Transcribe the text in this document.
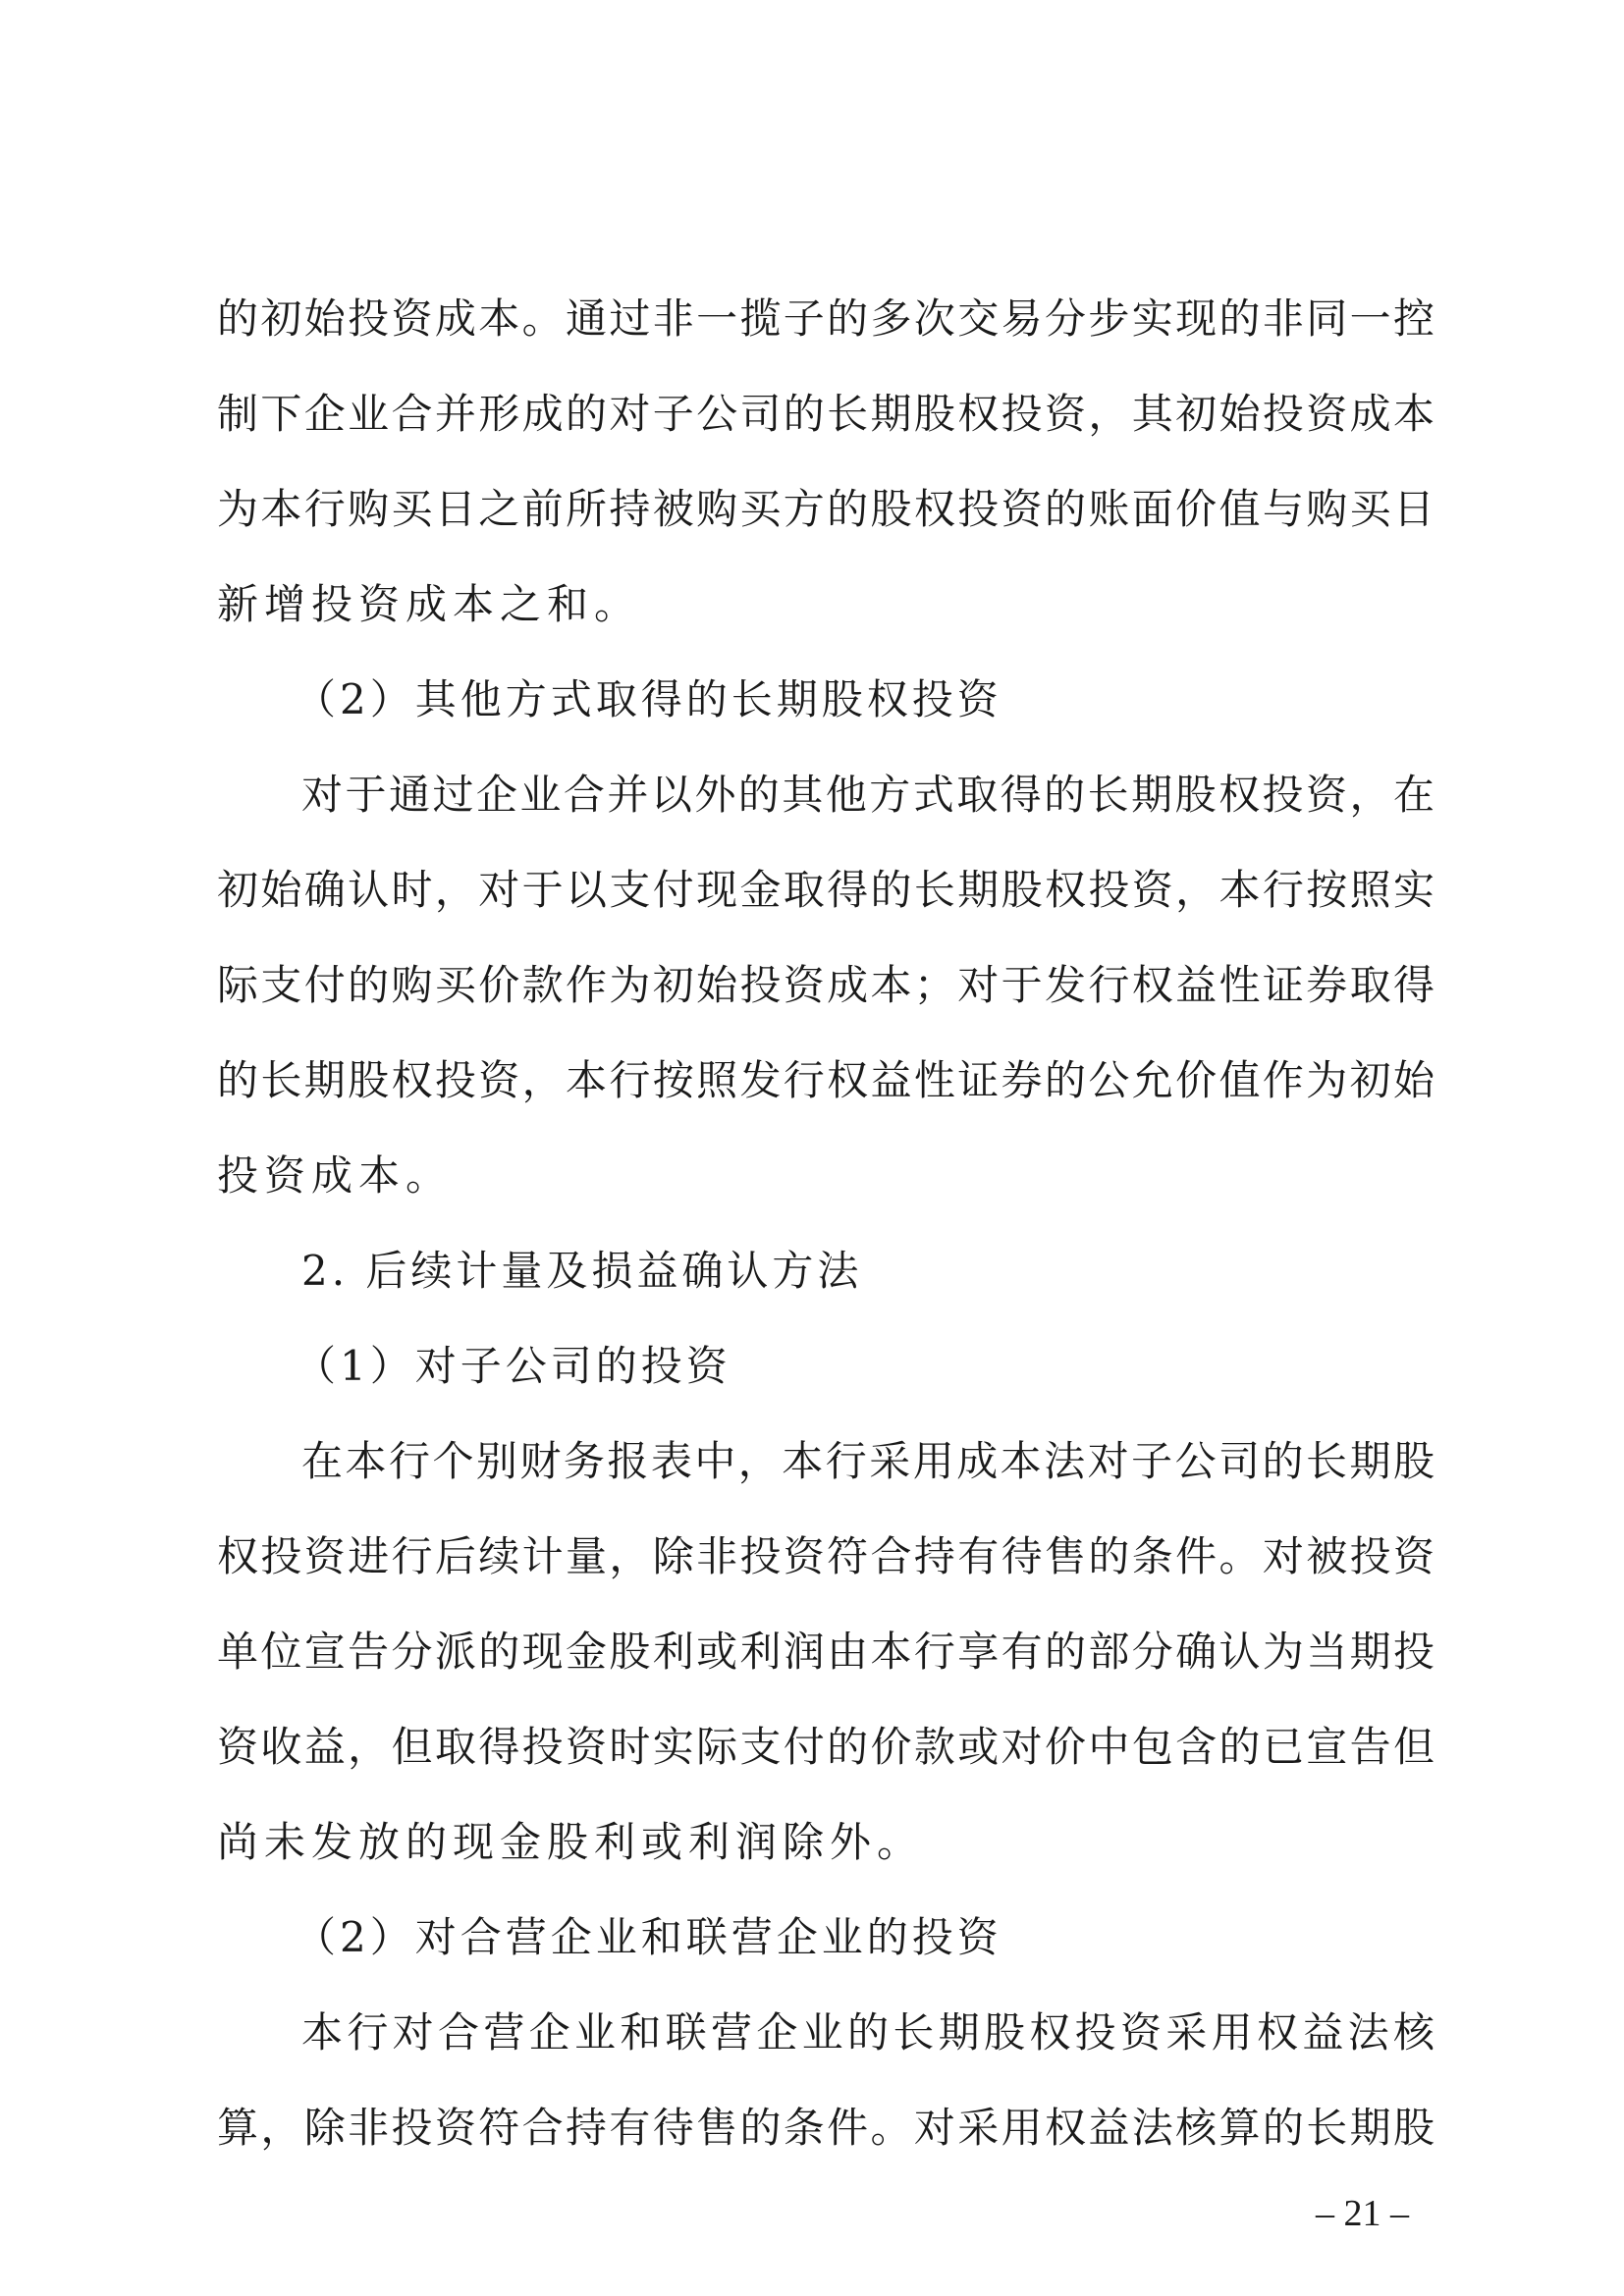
的初始投资成本。通过非一揽子的多次交易分步实现的非同一控
制下企业合并形成的对子公司的长期股权投资，其初始投资成本
为本行购买日之前所持被购买方的股权投资的账面价值与购买日
新增投资成本之和。
（2）其他方式取得的长期股权投资
对于通过企业合并以外的其他方式取得的长期股权投资，在
初始确认时，对于以支付现金取得的长期股权投资，本行按照实
际支付的购买价款作为初始投资成本；对于发行权益性证券取得
的长期股权投资，本行按照发行权益性证券的公允价值作为初始
投资成本。
2. 后续计量及损益确认方法
（1）对子公司的投资
在本行个别财务报表中，本行采用成本法对子公司的长期股
权投资进行后续计量，除非投资符合持有待售的条件。对被投资
单位宣告分派的现金股利或利润由本行享有的部分确认为当期投
资收益，但取得投资时实际支付的价款或对价中包含的已宣告但
尚未发放的现金股利或利润除外。
（2）对合营企业和联营企业的投资
本行对合营企业和联营企业的长期股权投资采用权益法核
算，除非投资符合持有待售的条件。对采用权益法核算的长期股
– 21 –
